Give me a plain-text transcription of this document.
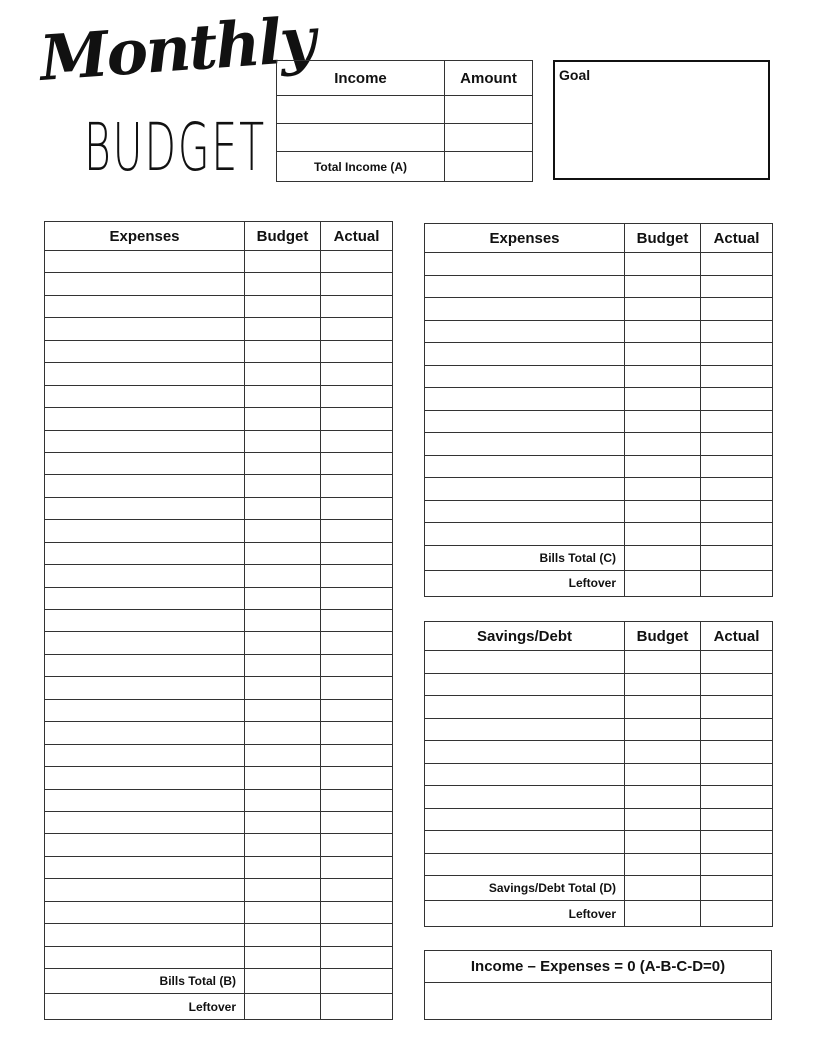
Monthly
BUDGET
Income	Amount

Total Income (A)	
Goal
Expenses	Budget	Actual

Bills Total (B)		
Leftover		
Expenses	Budget	Actual

Bills Total (C)		
Leftover		
Savings/Debt	Budget	Actual

Savings/Debt Total (D)		
Leftover		
Income – Expenses = 0 (A-B-C-D=0)
